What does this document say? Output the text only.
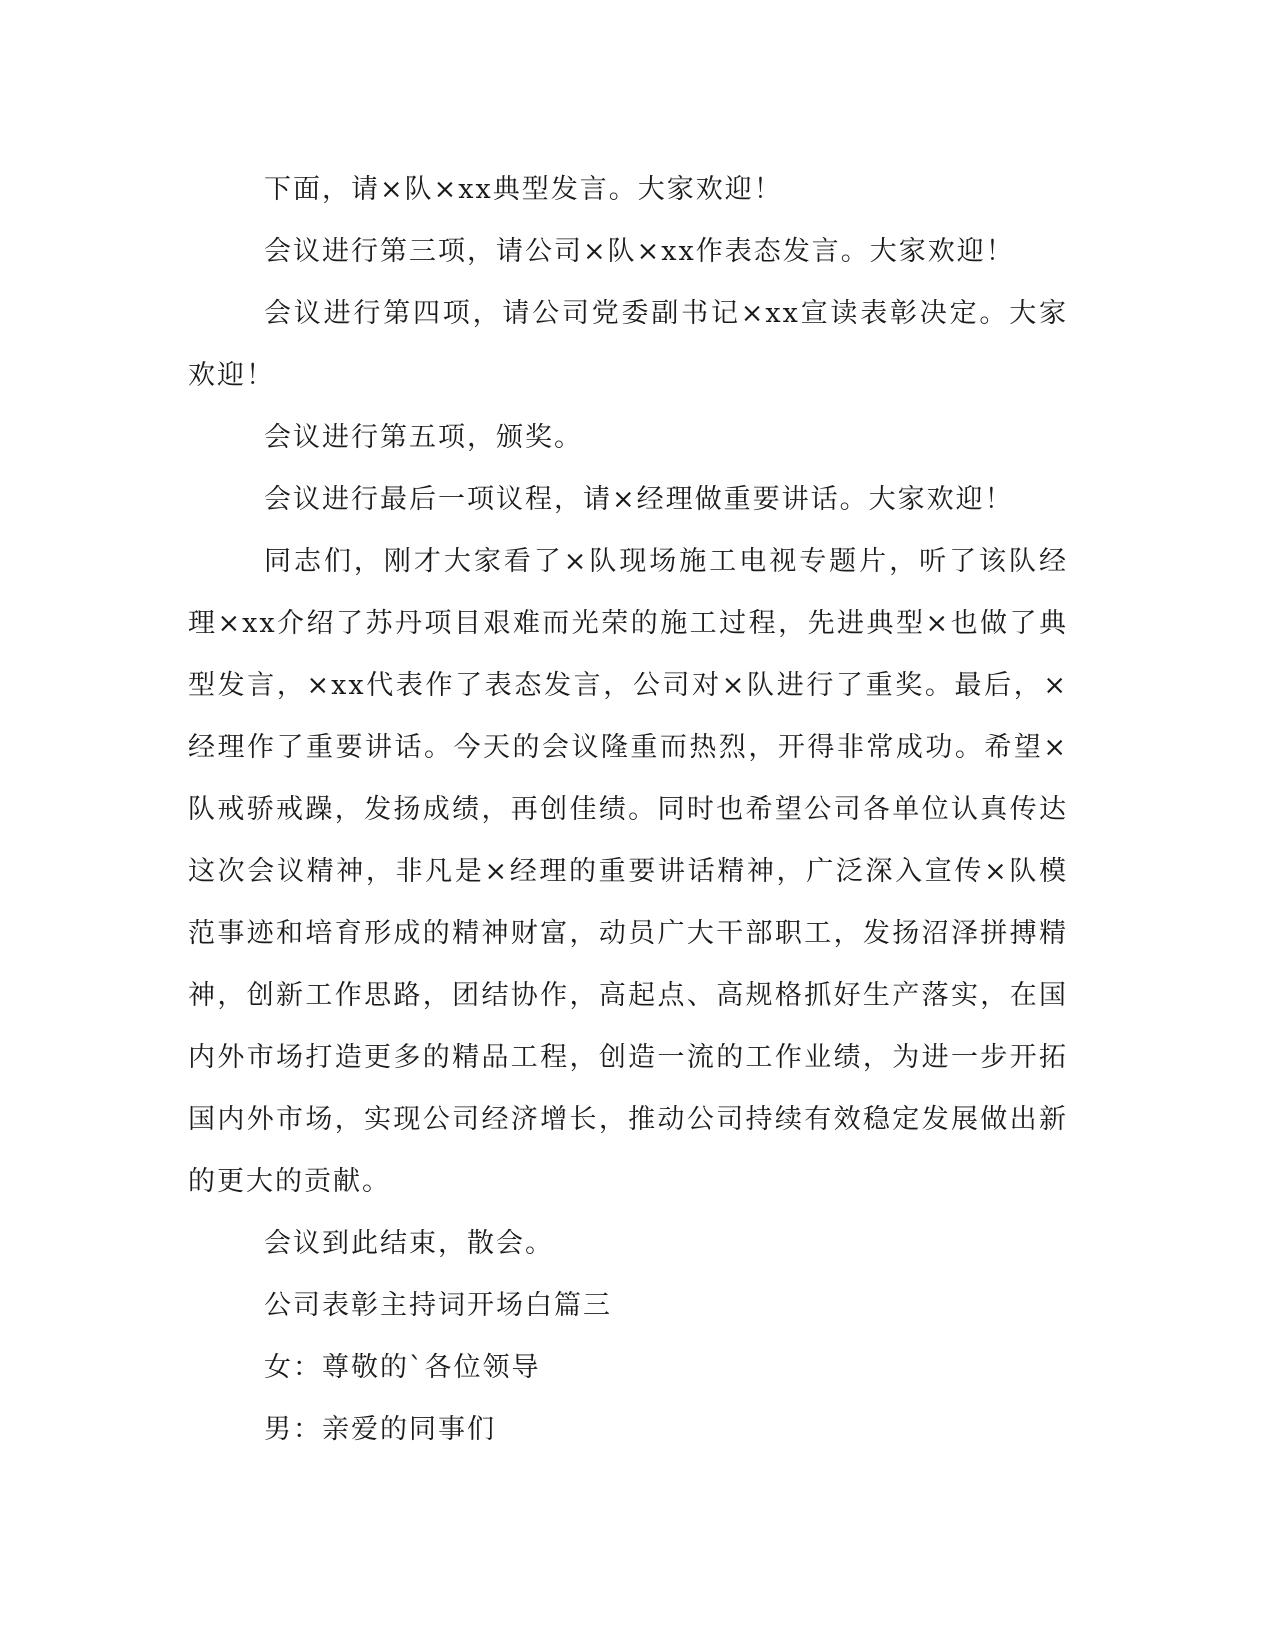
下面，请×队×xx典型发言。大家欢迎！

会议进行第三项，请公司×队×xx作表态发言。大家欢迎！

会议进行第四项，请公司党委副书记×xx宣读表彰决定。大家欢迎！

会议进行第五项，颁奖。

会议进行最后一项议程，请×经理做重要讲话。大家欢迎！

同志们，刚才大家看了×队现场施工电视专题片，听了该队经理×xx介绍了苏丹项目艰难而光荣的施工过程，先进典型×也做了典型发言，×xx代表作了表态发言，公司对×队进行了重奖。最后，×经理作了重要讲话。今天的会议隆重而热烈，开得非常成功。希望×队戒骄戒躁，发扬成绩，再创佳绩。同时也希望公司各单位认真传达这次会议精神，非凡是×经理的重要讲话精神，广泛深入宣传×队模范事迹和培育形成的精神财富，动员广大干部职工，发扬沼泽拼搏精神，创新工作思路，团结协作，高起点、高规格抓好生产落实，在国内外市场打造更多的精品工程，创造一流的工作业绩，为进一步开拓国内外市场，实现公司经济增长，推动公司持续有效稳定发展做出新的更大的贡献。

会议到此结束，散会。

公司表彰主持词开场白篇三

女：尊敬的`各位领导

男：亲爱的同事们
